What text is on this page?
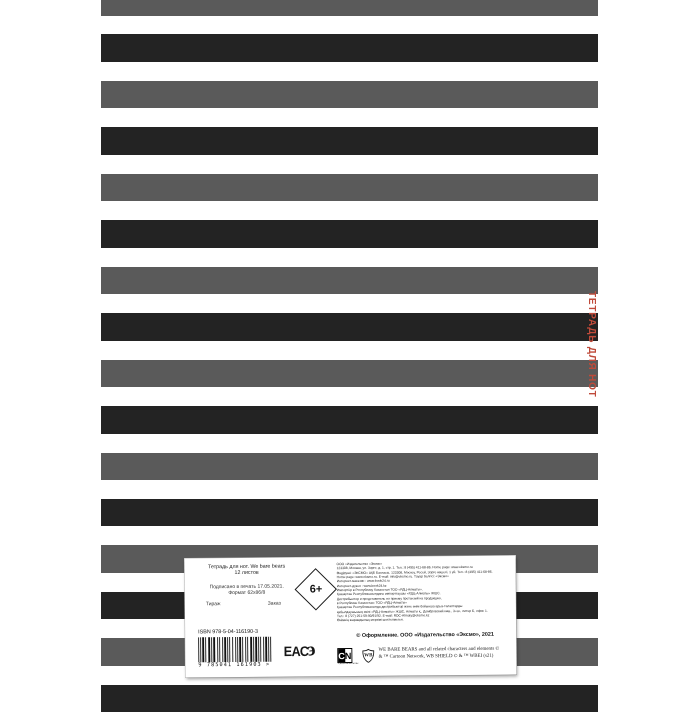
ТЕТРАДЬ ДЛЯ НОТ
Тетрадь для нот. We bare bears
12 листов
Подписано в печать 17.05.2021.
Формат 62x86/8
Тираж	Заказ
6+
ООО «Издательство «Эксмо»
123308, Москва, ул. Зорге, д. 1, стр. 1. Тел.: 8 (495) 411-68-86. Home page: www.eksmo.ru
Өндіруші: «ЭКСМО» АҚБ Баспасы, 123308, Мәскеу, Ресей, Зорге көшесі, 1 үй. Тел.: 8 (495) 411-68-86.
Home page: www.eksmo.ru. E-mail: info@eksmo.ru. Тауар белгісі: «Эксмо»
Интернет-магазин : www.book24.ru
Интернет-дүкен : www.book24.kz
Импортёр в Республику Казахстан ТОО «РДЦ-Алматы».
Қазақстан Республикасындағы импорттаушы «РДЦ-Алматы» ЖШС.
Дистрибьютор и представитель по приему претензий на продукцию,
в Республике Казахстан: ТОО «РДЦ-Алматы»
Қазақстан Республикасында дистрибьютор және өнім бойынша арыз-талаптарды
қабылдаушының өкілі «РДЦ-Алматы» ЖШС, Алматы қ., Домбровский көш., 3«а», литер Б, офис 1.
Тел.: 8 (727) 251-59-90/91/92. E-mail: RDC-Almaty@eksmo.kz
Өнімнің жарамдылық мерзімі шектелмеген.
© Оформление. ООО «Издательство «Эксмо», 2021
ISBN 978-5-04-116190-3
9 785041 161903 >
ЕАС
э C N
CARTOON NETWORK
WB
WE BARE BEARS and all related characters and elements ©
& ™ Cartoon Network, WB SHIELD © & ™ WBEI (s21)
